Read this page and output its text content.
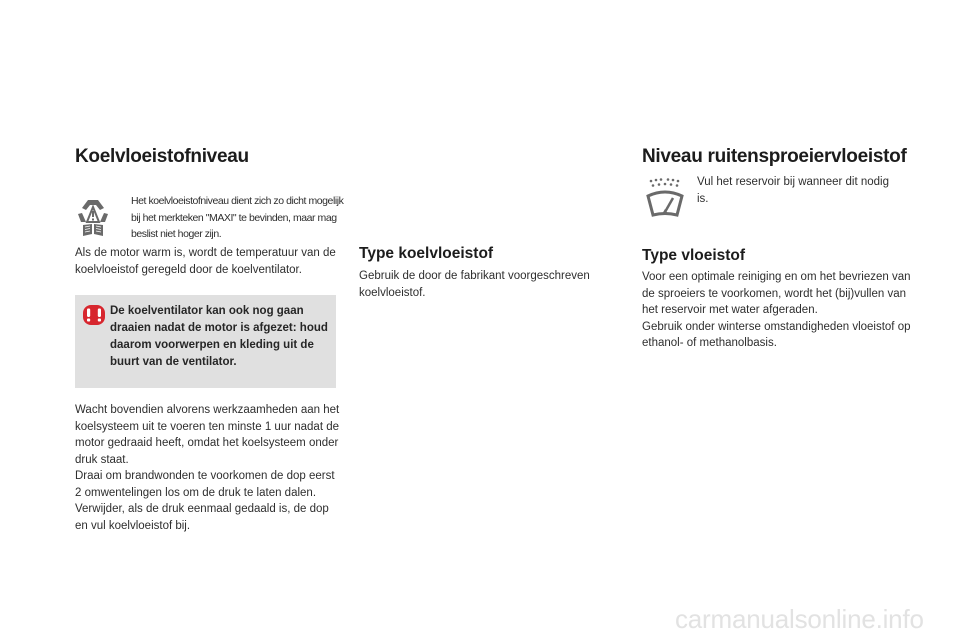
Koelvloeistofniveau
Het koelvloeistofniveau dient zich zo dicht mogelijk bij het merkteken "MAXI" te bevinden, maar mag beslist niet hoger zijn.
Als de motor warm is, wordt de temperatuur van de koelvloeistof geregeld door de koelventilator.
De koelventilator kan ook nog gaan draaien nadat de motor is afgezet: houd daarom voorwerpen en kleding uit de buurt van de ventilator.
Wacht bovendien alvorens werkzaamheden aan het koelsysteem uit te voeren ten minste 1 uur nadat de motor gedraaid heeft, omdat het koelsysteem onder druk staat.
Draai om brandwonden te voorkomen de dop eerst 2 omwentelingen los om de druk te laten dalen. Verwijder, als de druk eenmaal gedaald is, de dop en vul koelvloeistof bij.
Type koelvloeistof
Gebruik de door de fabrikant voorgeschreven koelvloeistof.
Niveau ruitensproeiervloeistof
Vul het reservoir bij wanneer dit nodig is.
Type vloeistof
Voor een optimale reiniging en om het bevriezen van de sproeiers te voorkomen, wordt het (bij)vullen van het reservoir met water afgeraden.
Gebruik onder winterse omstandigheden vloeistof op ethanol- of methanolbasis.
carmanualsonline.info
